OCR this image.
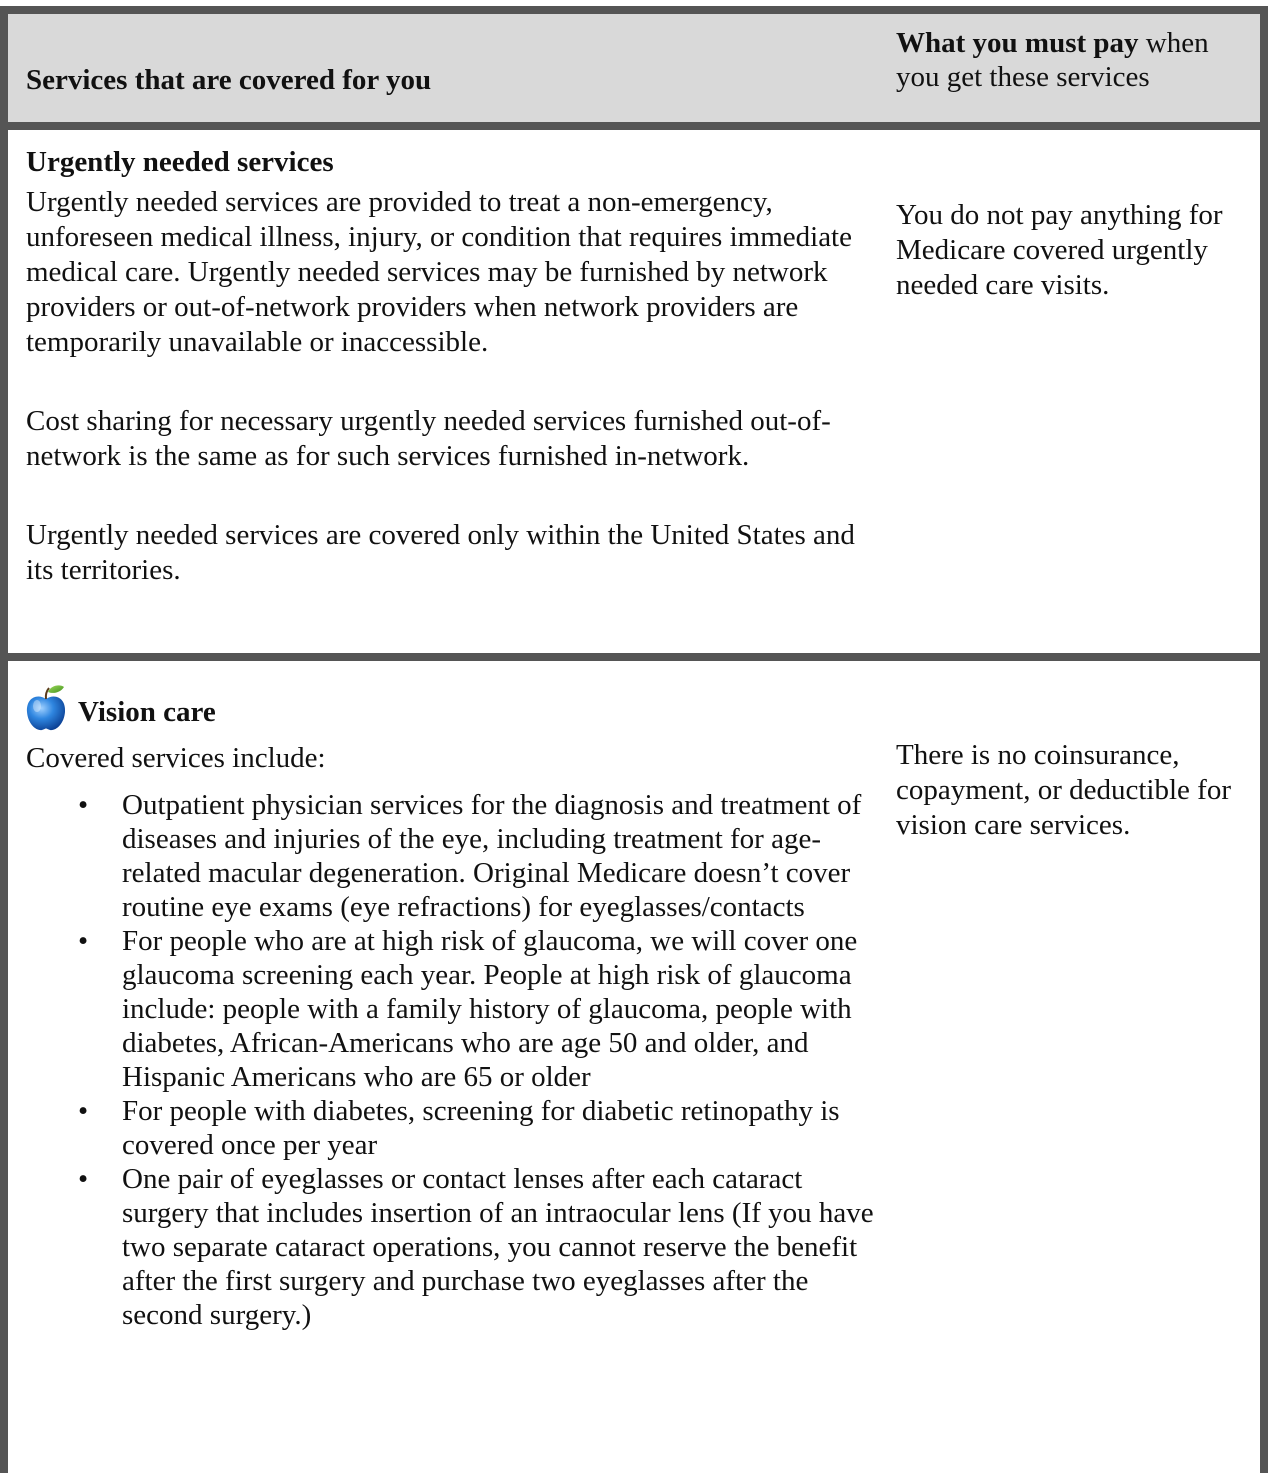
Services that are covered for you
What you must pay when you get these services
Urgently needed services

Urgently needed services are provided to treat a non-emergency, unforeseen medical illness, injury, or condition that requires immediate medical care. Urgently needed services may be furnished by network providers or out-of-network providers when network providers are temporarily unavailable or inaccessible.

Cost sharing for necessary urgently needed services furnished out-of-network is the same as for such services furnished in-network.

Urgently needed services are covered only within the United States and its territories.

You do not pay anything for Medicare covered urgently needed care visits.
Vision care

Covered services include:

• Outpatient physician services for the diagnosis and treatment of diseases and injuries of the eye, including treatment for age-related macular degeneration. Original Medicare doesn’t cover routine eye exams (eye refractions) for eyeglasses/contacts
• For people who are at high risk of glaucoma, we will cover one glaucoma screening each year. People at high risk of glaucoma include: people with a family history of glaucoma, people with diabetes, African-Americans who are age 50 and older, and Hispanic Americans who are 65 or older
• For people with diabetes, screening for diabetic retinopathy is covered once per year
• One pair of eyeglasses or contact lenses after each cataract surgery that includes insertion of an intraocular lens (If you have two separate cataract operations, you cannot reserve the benefit after the first surgery and purchase two eyeglasses after the second surgery.)
There is no coinsurance, copayment, or deductible for vision care services.
